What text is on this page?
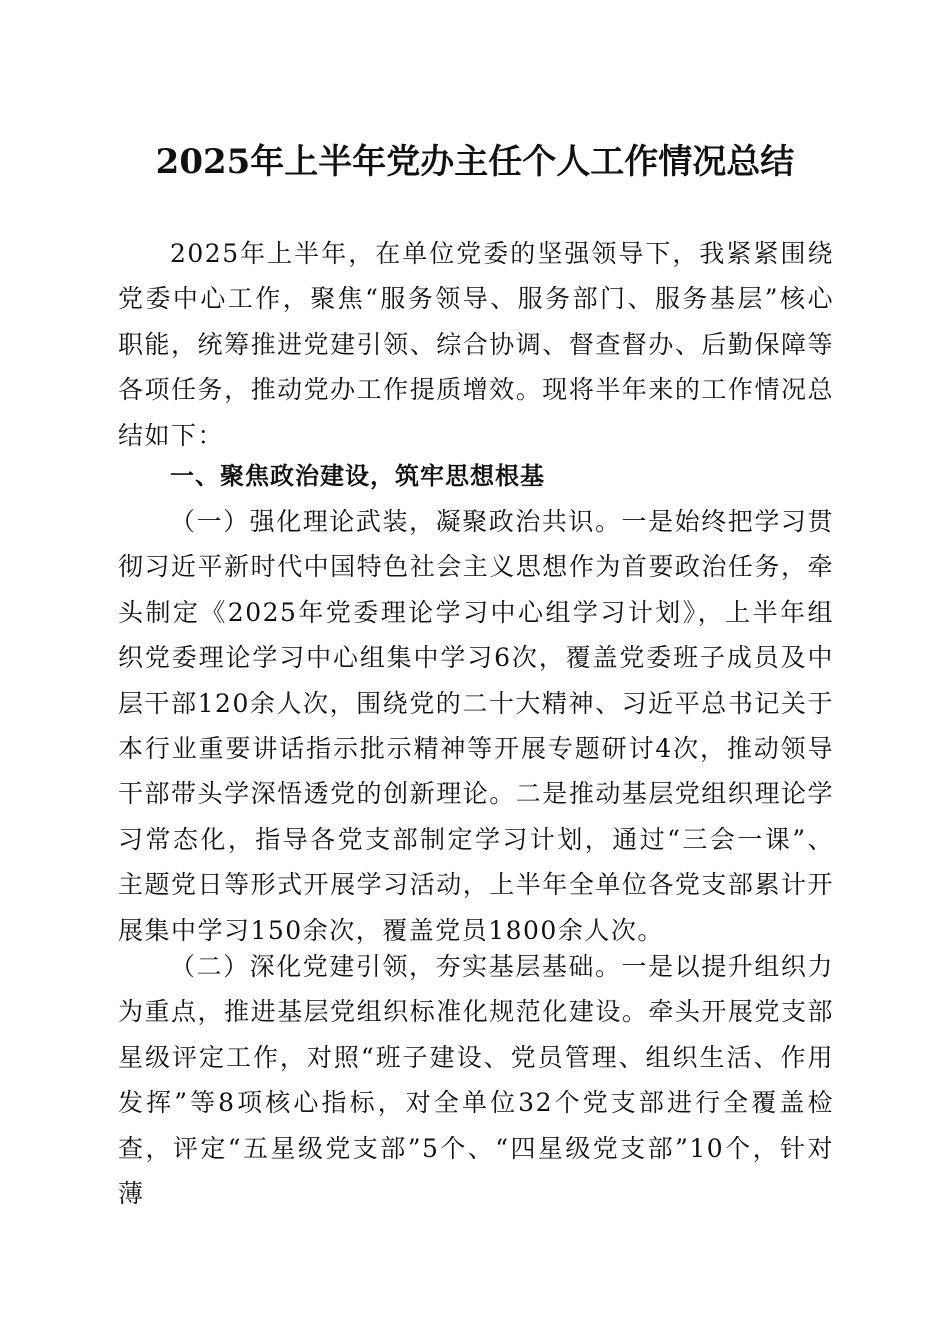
2025年上半年党办主任个人工作情况总结

2025年上半年，在单位党委的坚强领导下，我紧紧围绕党委中心工作，聚焦“服务领导、服务部门、服务基层”核心职能，统筹推进党建引领、综合协调、督查督办、后勤保障等各项任务，推动党办工作提质增效。现将半年来的工作情况总结如下：

一、聚焦政治建设，筑牢思想根基

（一）强化理论武装，凝聚政治共识。一是始终把学习贯彻习近平新时代中国特色社会主义思想作为首要政治任务，牵头制定《2025年党委理论学习中心组学习计划》，上半年组织党委理论学习中心组集中学习6次，覆盖党委班子成员及中层干部120余人次，围绕党的二十大精神、习近平总书记关于本行业重要讲话指示批示精神等开展专题研讨4次，推动领导干部带头学深悟透党的创新理论。二是推动基层党组织理论学习常态化，指导各党支部制定学习计划，通过“三会一课”、主题党日等形式开展学习活动，上半年全单位各党支部累计开展集中学习150余次，覆盖党员1800余人次。

（二）深化党建引领，夯实基层基础。一是以提升组织力为重点，推进基层党组织标准化规范化建设。牵头开展党支部星级评定工作，对照“班子建设、党员管理、组织生活、作用发挥”等8项核心指标，对全单位32个党支部进行全覆盖检查，评定“五星级党支部”5个、“四星级党支部”10个，针对薄
